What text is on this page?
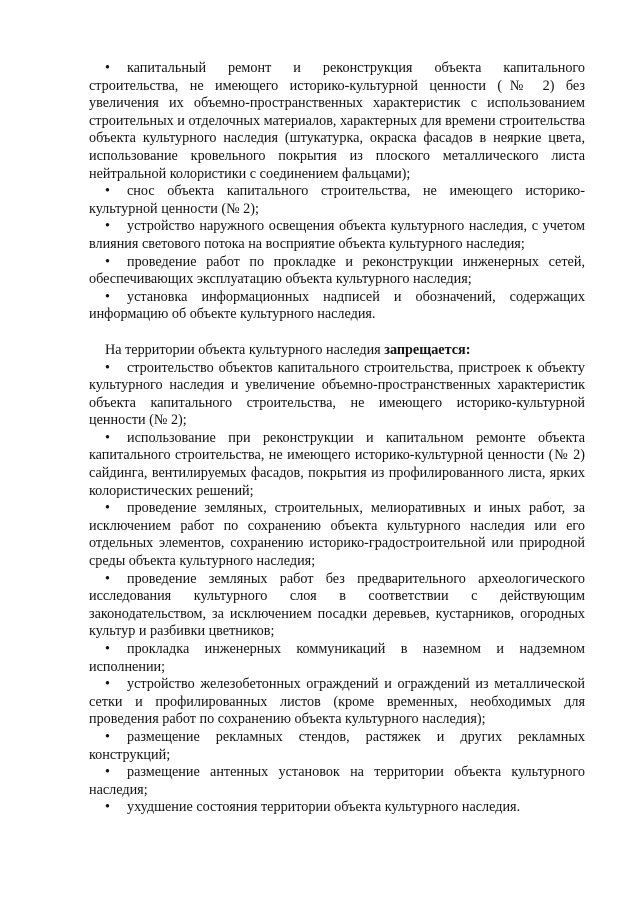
• капитальный ремонт и реконструкция объекта капитального строительства, не имеющего историко-культурной ценности (№ 2) без увеличения их объемно-пространственных характеристик с использованием строительных и отделочных материалов, характерных для времени строительства объекта культурного наследия (штукатурка, окраска фасадов в неяркие цвета, использование кровельного покрытия из плоского металлического листа нейтральной колористики с соединением фальцами);

• снос объекта капитального строительства, не имеющего историко-культурной ценности (№ 2);

• устройство наружного освещения объекта культурного наследия, с учетом влияния светового потока на восприятие объекта культурного наследия;

• проведение работ по прокладке и реконструкции инженерных сетей, обеспечивающих эксплуатацию объекта культурного наследия;

• установка информационных надписей и обозначений, содержащих информацию об объекте культурного наследия.

На территории объекта культурного наследия запрещается:

• строительство объектов капитального строительства, пристроек к объекту культурного наследия и увеличение объемно-пространственных характеристик объекта капитального строительства, не имеющего историко-культурной ценности (№ 2);

• использование при реконструкции и капитальном ремонте объекта капитального строительства, не имеющего историко-культурной ценности (№ 2) сайдинга, вентилируемых фасадов, покрытия из профилированного листа, ярких колористических решений;

• проведение земляных, строительных, мелиоративных и иных работ, за исключением работ по сохранению объекта культурного наследия или его отдельных элементов, сохранению историко-градостроительной или природной среды объекта культурного наследия;

• проведение земляных работ без предварительного археологического исследования культурного слоя в соответствии с действующим законодательством, за исключением посадки деревьев, кустарников, огородных культур и разбивки цветников;

• прокладка инженерных коммуникаций в наземном и надземном исполнении;

• устройство железобетонных ограждений и ограждений из металлической сетки и профилированных листов (кроме временных, необходимых для проведения работ по сохранению объекта культурного наследия);

• размещение рекламных стендов, растяжек и других рекламных конструкций;

• размещение антенных установок на территории объекта культурного наследия;

• ухудшение состояния территории объекта культурного наследия.
